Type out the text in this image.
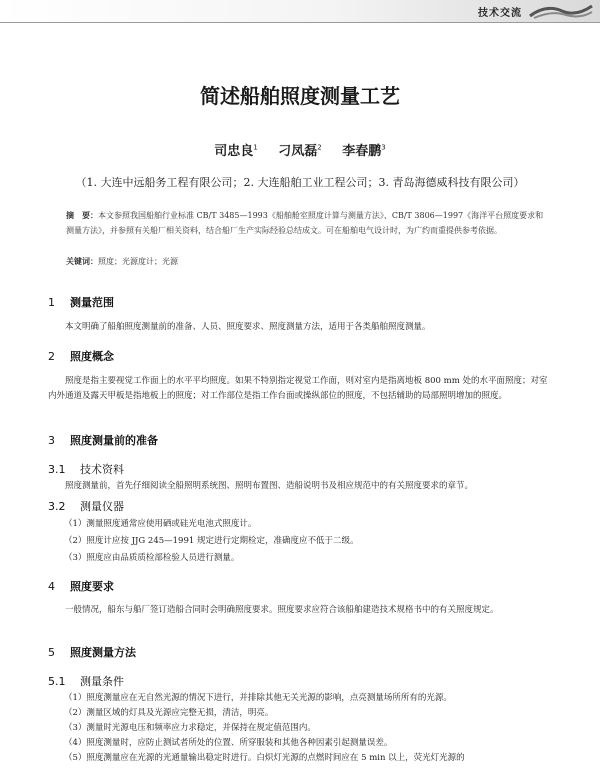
技术交流
简述船舶照度测量工艺
司忠良$^1$ 刁凤磊$^2$ 李春鹏$^3$
（1. 大连中远船务工程有限公司；2. 大连船舶工业工程公司；3. 青岛海德威科技有限公司）
摘　要：本文参照我国船舶行业标准 CB/T 3485—1993《船舶舱室照度计算与测量方法》、CB/T 3806—1997《海洋平台照度要求和测量方法》，并参照有关船厂相关资料，结合船厂生产实际经验总结成文。可在船舶电气设计时，为广约而重提供参考依据。
关键词：照度；光源度计；光源
1 测量范围
本文明确了船舶照度测量前的准备、人员、照度要求、照度测量方法，适用于各类船舶照度测量。
2 照度概念
照度是指主要视觉工作面上的水平平均照度。如果不特别指定视觉工作面，则对室内是指离地板 800 mm 处的水平面照度；对室内外通道及露天甲板是指地板上的照度；对工作部位是指工作台面或操纵部位的照度，不包括辅助的局部照明增加的照度。
3 照度测量前的准备
3.1 技术资料
照度测量前，首先仔细阅读全船照明系统图、照明布置图、造船说明书及相应规范中的有关照度要求的章节。
3.2 测量仪器
（1）测量照度通常应使用硒或硅光电池式照度计。
（2）照度计应按 JJG 245—1991 规定进行定期检定，准确度应不低于二级。
（3）照度应由品质质检部检验人员进行测量。
4 照度要求
一般情况，船东与船厂签订造船合同时会明确照度要求。照度要求应符合该船舶建造技术规格书中的有关照度规定。
5 照度测量方法
5.1 测量条件
（1）照度测量应在无自然光源的情况下进行，并排除其他无关光源的影响，点亮测量场所所有的光源。
（2）测量区域的灯具及光源应完整无损，清洁，明亮。
（3）测量时光源电压和频率应力求稳定，并保持在规定值范围内。
（4）照度测量时，应防止测试者所处的位置、所穿服装和其他各种因素引起测量误差。
（5）照度测量应在光源的光通量输出稳定时进行。白炽灯光源的点燃时间应在 5 min 以上，荧光灯光源的
